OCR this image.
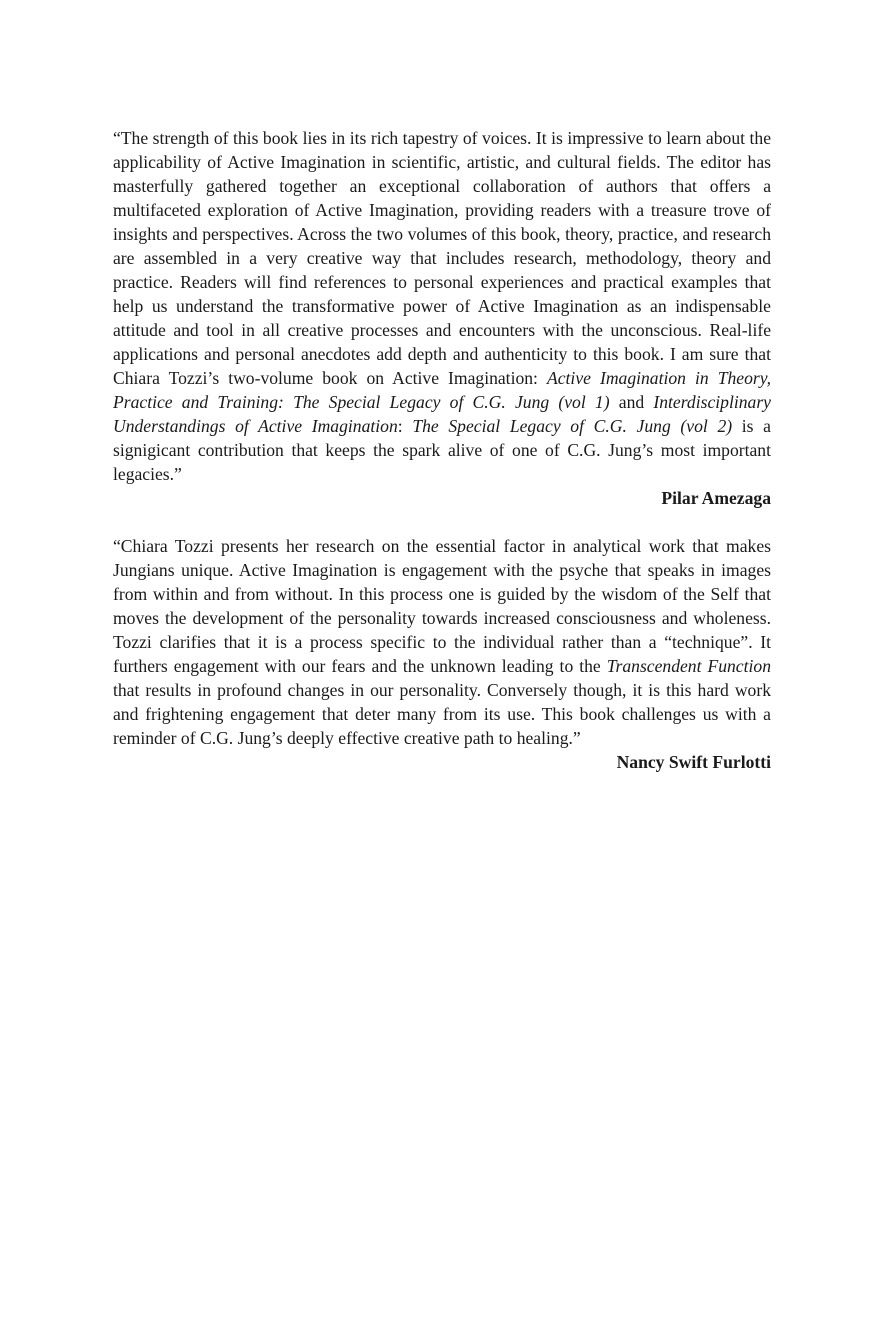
“The strength of this book lies in its rich tapestry of voices. It is impressive to learn about the applicability of Active Imagination in scientific, artistic, and cultural fields. The editor has masterfully gathered together an exceptional collaboration of authors that offers a multifaceted exploration of Active Imagination, providing readers with a treasure trove of insights and perspectives. Across the two volumes of this book, theory, practice, and research are assembled in a very creative way that includes research, methodology, theory and practice. Readers will find references to personal experiences and practical examples that help us understand the transformative power of Active Imagination as an indispensable attitude and tool in all creative processes and encounters with the unconscious. Real-life applications and personal anecdotes add depth and authenticity to this book. I am sure that Chiara Tozzi’s two-volume book on Active Imagination: Active Imagination in Theory, Practice and Training: The Special Legacy of C.G. Jung (vol 1) and Interdisciplinary Understandings of Active Imagination: The Special Legacy of C.G. Jung (vol 2) is a signigicant contribution that keeps the spark alive of one of C.G. Jung’s most important legacies.”

Pilar Amezaga

“Chiara Tozzi presents her research on the essential factor in analytical work that makes Jungians unique. Active Imagination is engagement with the psyche that speaks in images from within and from without. In this process one is guided by the wisdom of the Self that moves the development of the personality towards increased consciousness and wholeness. Tozzi clarifies that it is a process specific to the individual rather than a “technique”. It furthers engagement with our fears and the unknown leading to the Transcendent Function that results in profound changes in our personality. Conversely though, it is this hard work and frightening engagement that deter many from its use. This book challenges us with a reminder of C.G. Jung’s deeply effective creative path to healing.”

Nancy Swift Furlotti
